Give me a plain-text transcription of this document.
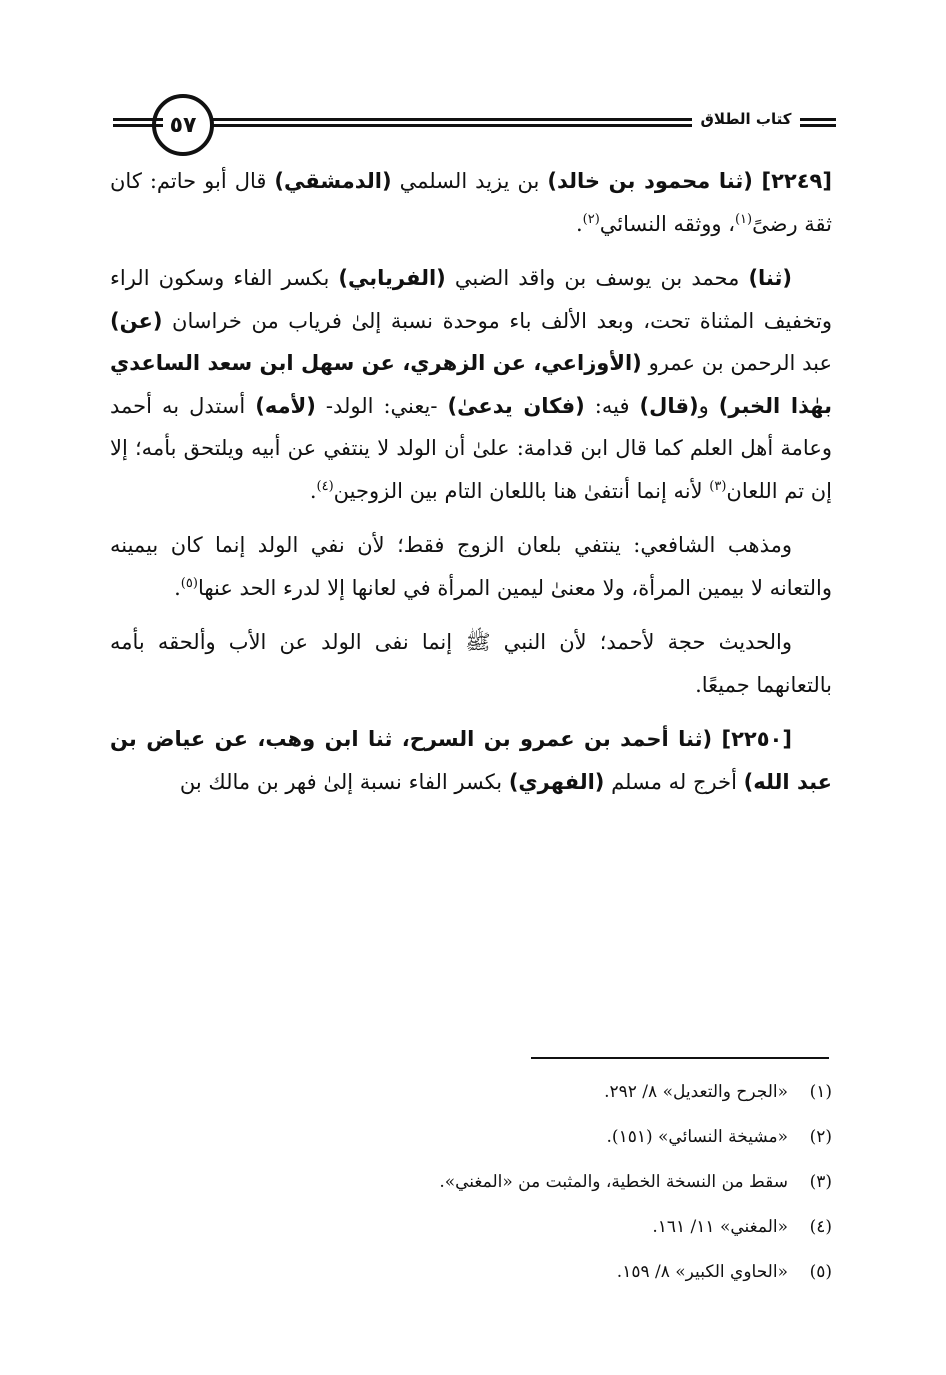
٥٧	كتاب الطلاق

[٢٢٤٩] (ثنا محمود بن خالد) بن يزيد السلمي (الدمشقي) قال أبو حاتم: كان ثقة رضىً$^{(١)}$، ووثقه النسائي$^{(٢)}$.

(ثنا) محمد بن يوسف بن واقد الضبي (الفريابي) بكسر الفاء وسكون الراء وتخفيف المثناة تحت، وبعد الألف باء موحدة نسبة إلىٰ فرياب من خراسان (عن) عبد الرحمن بن عمرو (الأوزاعي، عن الزهري، عن سهل ابن سعد الساعدي بهٰذا الخبر) و(قال) فيه: (فكان يدعىٰ) -يعني: الولد- (لأمه) أستدل به أحمد وعامة أهل العلم كما قال ابن قدامة: علىٰ أن الولد لا ينتفي عن أبيه ويلتحق بأمه؛ إلا إن تم اللعان$^{(٣)}$ لأنه إنما أنتفىٰ هنا باللعان التام بين الزوجين$^{(٤)}$.

ومذهب الشافعي: ينتفي بلعان الزوج فقط؛ لأن نفي الولد إنما كان بيمينه والتعانه لا بيمين المرأة، ولا معنىٰ ليمين المرأة في لعانها إلا لدرء الحد عنها$^{(٥)}$.

والحديث حجة لأحمد؛ لأن النبي ﷺ إنما نفى الولد عن الأب وألحقه بأمه بالتعانهما جميعًا.

[٢٢٥٠] (ثنا أحمد بن عمرو بن السرح، ثنا ابن وهب، عن عياض بن عبد الله) أخرج له مسلم (الفهري) بكسر الفاء نسبة إلىٰ فهر بن مالك بن

(١)«الجرح والتعديل» ٨/ ٢٩٢.
(٢)«مشيخة النسائي» (١٥١).
(٣)سقط من النسخة الخطية، والمثبت من «المغني».
(٤)«المغني» ١١/ ١٦١.
(٥)«الحاوي الكبير» ٨/ ١٥٩.
